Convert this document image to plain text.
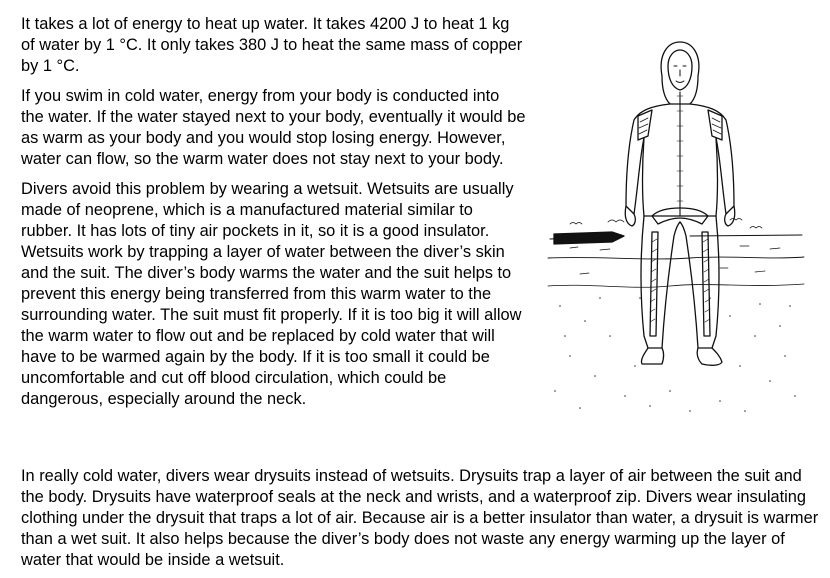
It takes a lot of energy to heat up water. It takes 4200 J to heat 1 kg of water by 1 °C. It only takes 380 J to heat the same mass of copper by 1 °C.

If you swim in cold water, energy from your body is conducted into the water. If the water stayed next to your body, eventually it would be as warm as your body and you would stop losing energy. However, water can flow, so the warm water does not stay next to your body.

Divers avoid this problem by wearing a wetsuit. Wetsuits are usually made of neoprene, which is a manufactured material similar to rubber. It has lots of tiny air pockets in it, so it is a good insulator. Wetsuits work by trapping a layer of water between the diver’s skin and the suit. The diver’s body warms the water and the suit helps to prevent this energy being transferred from this warm water to the surrounding water. The suit must fit properly. If it is too big it will allow the warm water to flow out and be replaced by cold water that will have to be warmed again by the body. If it is too small it could be uncomfortable and cut off blood circulation, which could be dangerous, especially around the neck.

In really cold water, divers wear drysuits instead of wetsuits. Drysuits trap a layer of air between the suit and the body. Drysuits have waterproof seals at the neck and wrists, and a waterproof zip. Divers wear insulating clothing under the drysuit that traps a lot of air. Because air is a better insulator than water, a drysuit is warmer than a wet suit. It also helps because the diver’s body does not waste any energy warming up the layer of water that would be inside a wetsuit.
